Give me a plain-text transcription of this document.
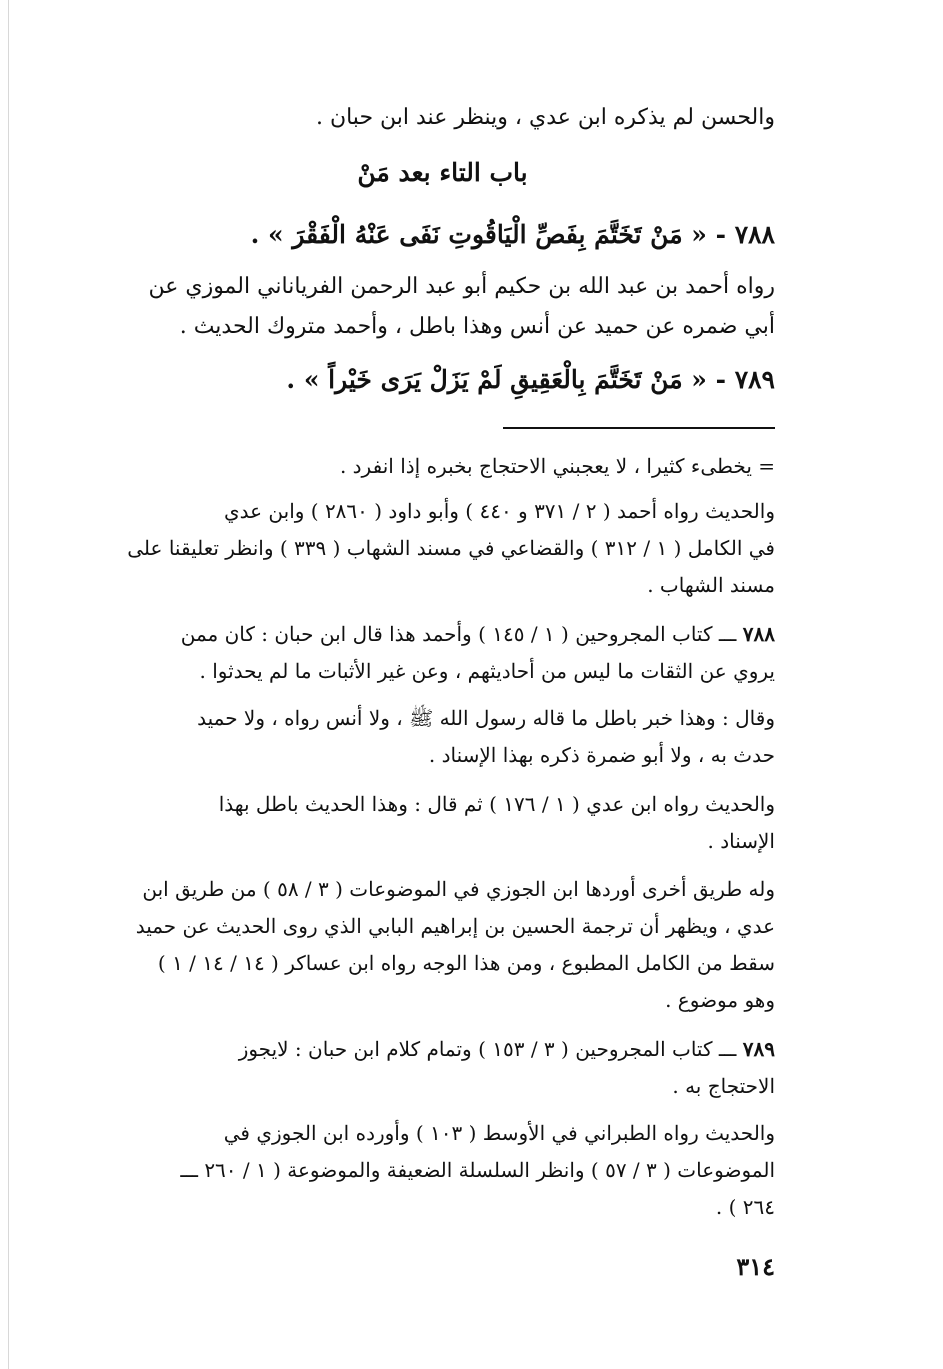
والحسن لم يذكره ابن عدي ، وينظر عند ابن حبان .
باب التاء بعد مَنْ
٧٨٨ - « مَنْ تَخَتَّمَ بِفَصِّ الْيَاقُوتِ نَفَى عَنْهُ الْفَقْرَ » .
رواه أحمد بن عبد الله بن حكيم أبو عبد الرحمن الفرياناني الموزي عن
أبي ضمره عن حميد عن أنس وهذا باطل ، وأحمد متروك الحديث .
٧٨٩ - « مَنْ تَخَتَّمَ بِالْعَقِيقِ لَمْ يَزَلْ يَرَى خَيْراً » .
= يخطىء كثيرا ، لا يعجبني الاحتجاج بخبره إذا انفرد .
والحديث رواه أحمد ( ٢ / ٣٧١ و ٤٤٠ ) وأبو داود ( ٢٨٦٠ ) وابن عدي
في الكامل ( ١ / ٣١٢ ) والقضاعي في مسند الشهاب ( ٣٣٩ ) وانظر تعليقنا على
مسند الشهاب .
٧٨٨ ـــ كتاب المجروحين ( ١ / ١٤٥ ) وأحمد هذا قال ابن حبان : كان ممن
يروي عن الثقات ما ليس من أحاديثهم ، وعن غير الأثبات ما لم يحدثوا .
وقال : وهذا خبر باطل ما قاله رسول الله ﷺ ، ولا أنس رواه ، ولا حميد
حدث به ، ولا أبو ضمرة ذكره بهذا الإسناد .
والحديث رواه ابن عدي ( ١ / ١٧٦ ) ثم قال : وهذا الحديث باطل بهذا
الإسناد .
وله طريق أخرى أوردها ابن الجوزي في الموضوعات ( ٣ / ٥٨ ) من طريق ابن
عدي ، ويظهر أن ترجمة الحسين بن إبراهيم البابي الذي روى الحديث عن حميد
سقط من الكامل المطبوع ، ومن هذا الوجه رواه ابن عساكر ( ١٤ / ١٤ / ١ )
وهو موضوع .
٧٨٩ ـــ كتاب المجروحين ( ٣ / ١٥٣ ) وتمام كلام ابن حبان : لايجوز
الاحتجاج به .
والحديث رواه الطبراني في الأوسط ( ١٠٣ ) وأورده ابن الجوزي في
الموضوعات ( ٣ / ٥٧ ) وانظر السلسلة الضعيفة والموضوعة ( ١ / ٢٦٠ ـــ
٢٦٤ ) .
٣١٤
